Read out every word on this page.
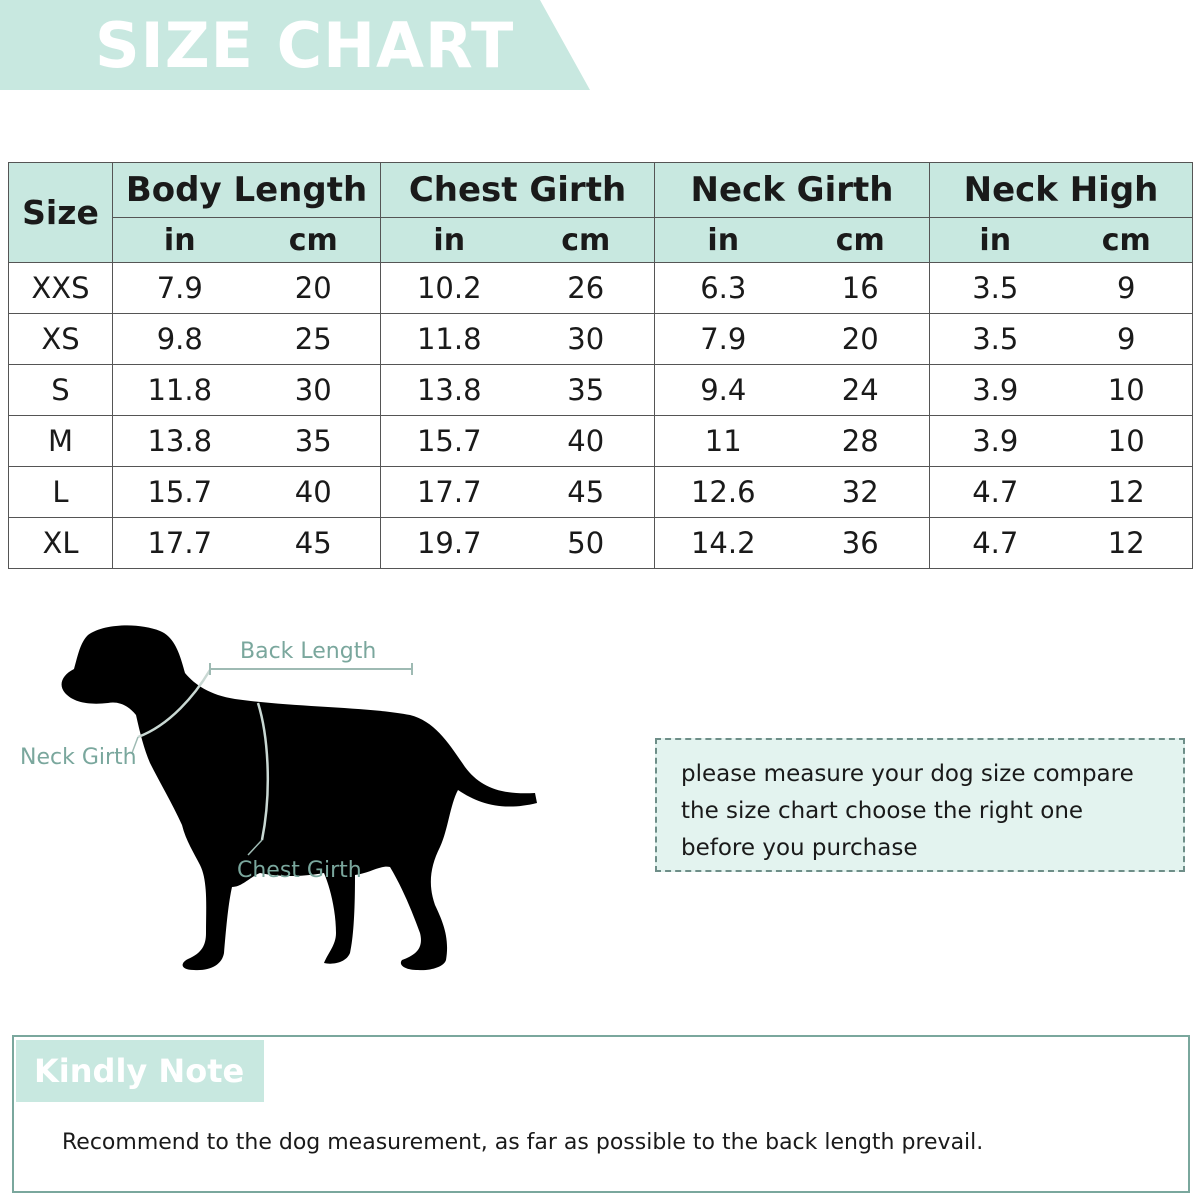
SIZE CHART
Size	Body Length		Chest Girth		Neck Girth		Neck High	
	in	cm	in	cm	in	cm	in	cm
XXS	7.9	20	10.2	26	6.3	16	3.5	9
XS	9.8	25	11.8	30	7.9	20	3.5	9
S	11.8	30	13.8	35	9.4	24	3.9	10
M	13.8	35	15.7	40	11	28	3.9	10
L	15.7	40	17.7	45	12.6	32	4.7	12
XL	17.7	45	19.7	50	14.2	36	4.7	12
Back Length
Neck Girth
Chest Girth
please measure your dog size compare the size chart choose the right one before you purchase
Kindly Note
Recommend to the dog measurement, as far as possible to the back length prevail.
